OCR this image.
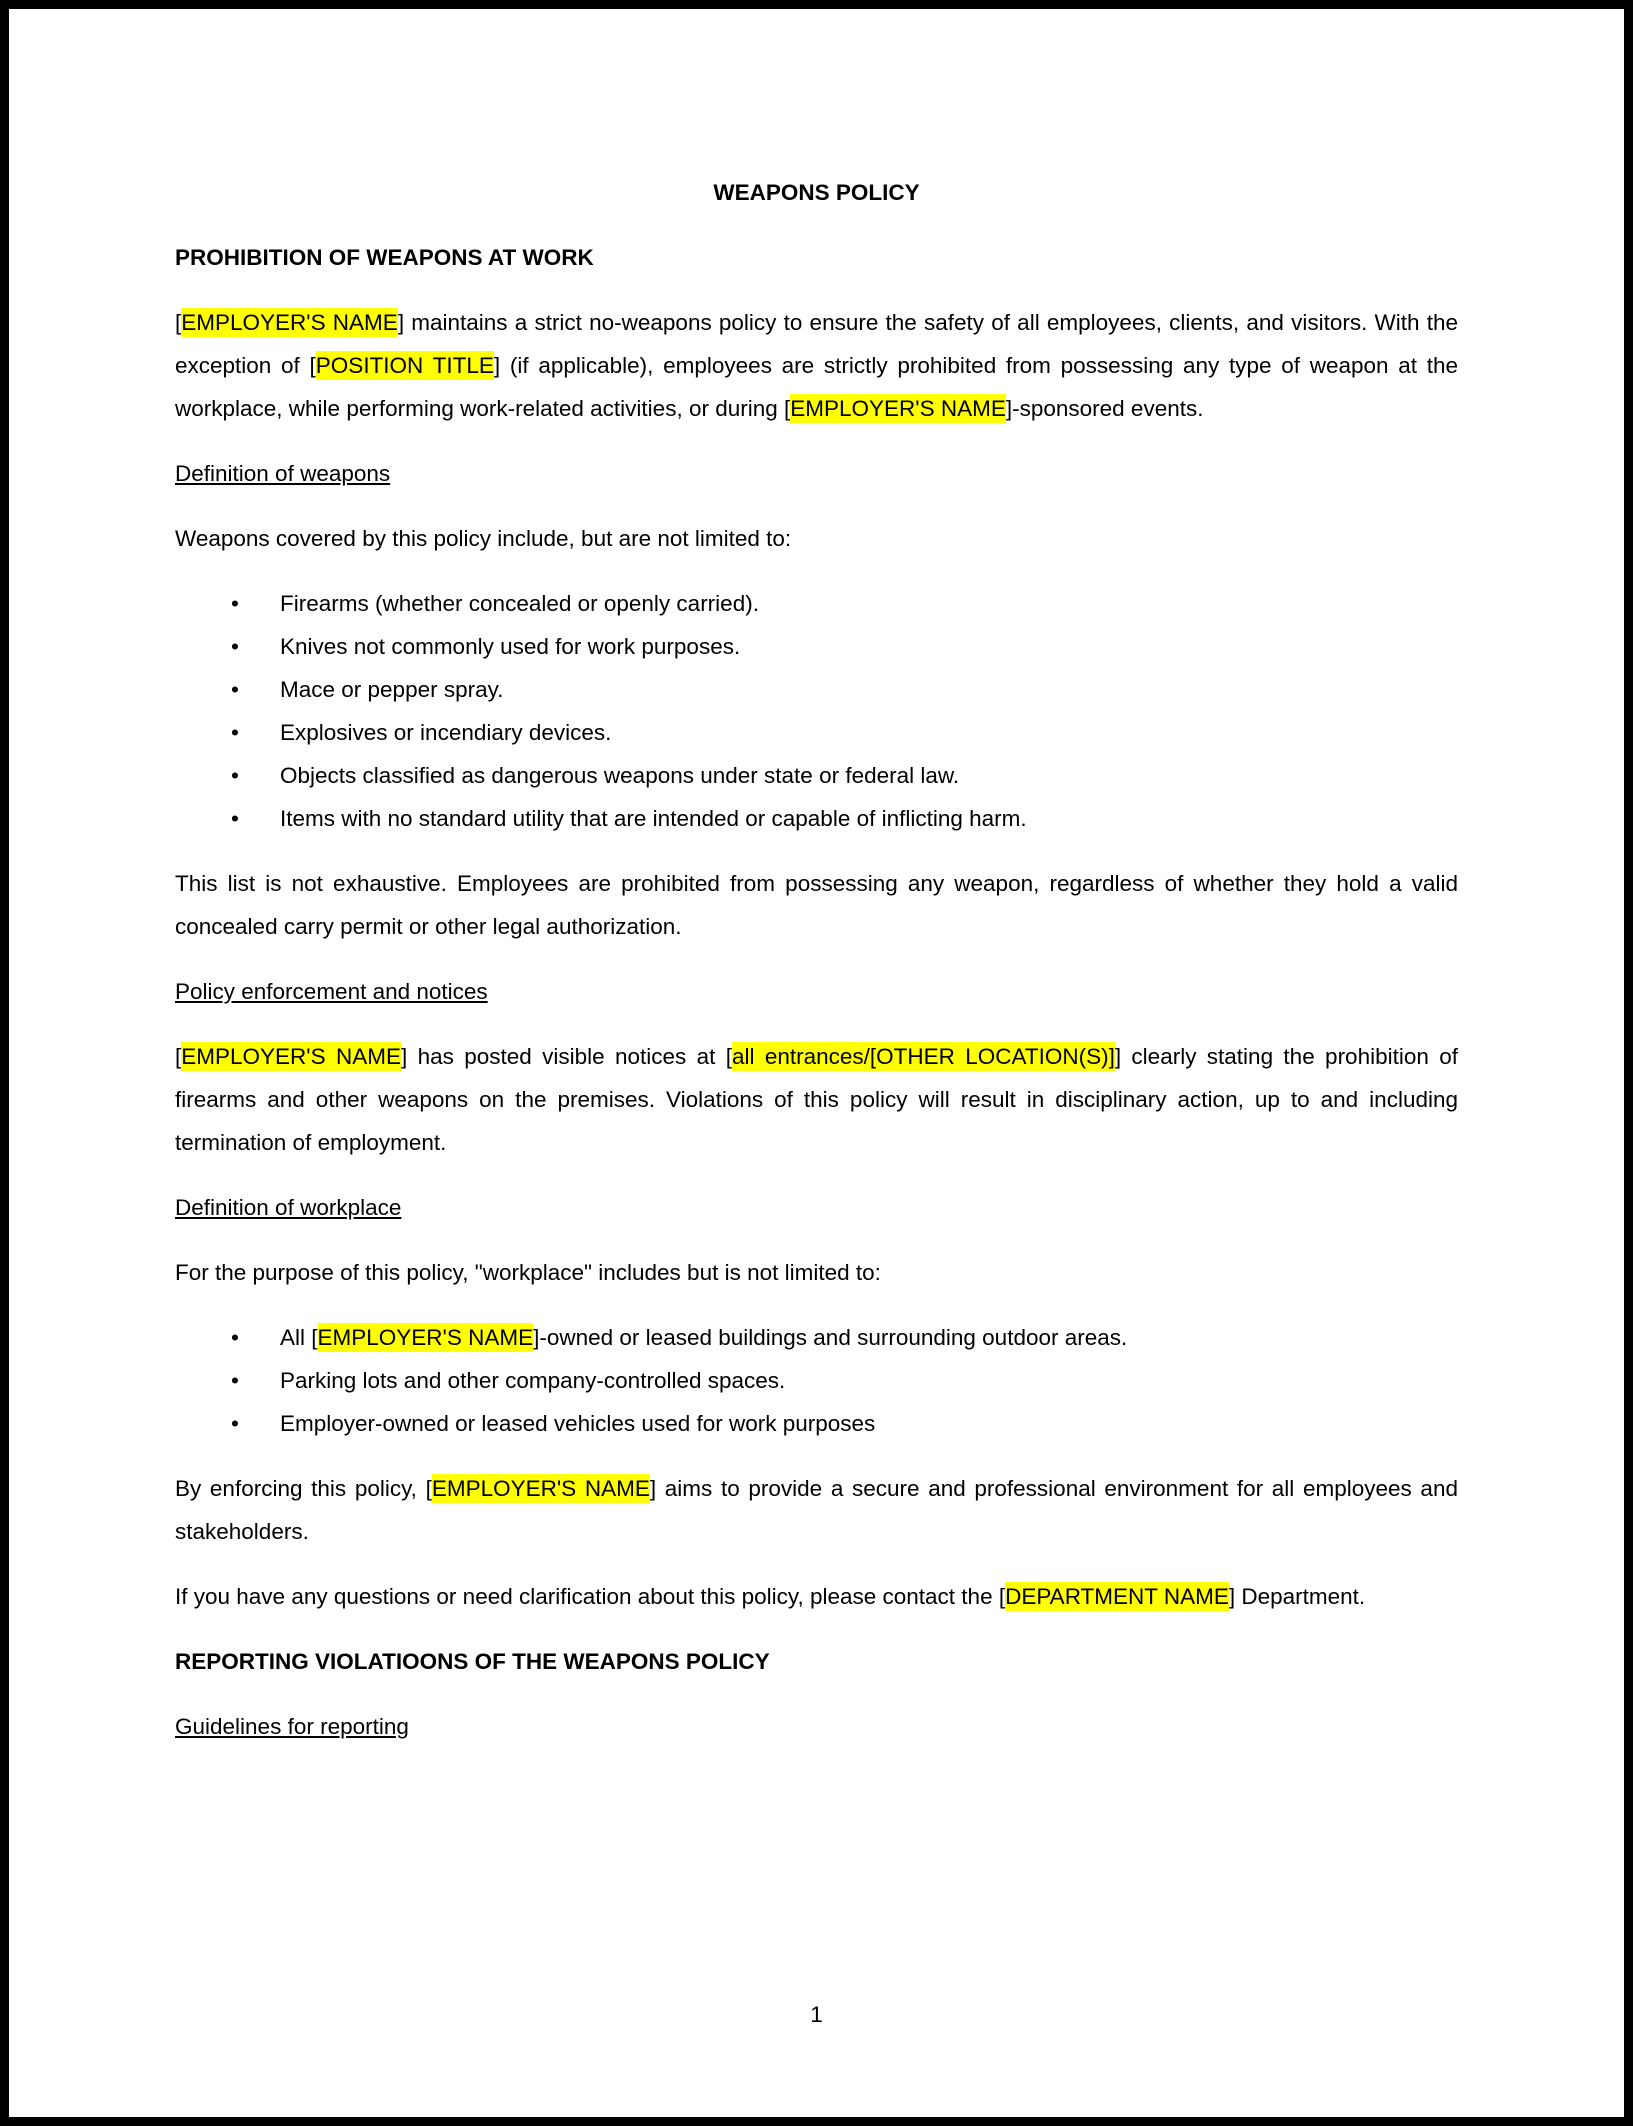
WEAPONS POLICY
PROHIBITION OF WEAPONS AT WORK

[EMPLOYER'S NAME] maintains a strict no-weapons policy to ensure the safety of all employees, clients, and visitors. With the exception of [POSITION TITLE] (if applicable), employees are strictly prohibited from possessing any type of weapon at the workplace, while performing work-related activities, or during [EMPLOYER'S NAME]-sponsored events.

Definition of weapons

Weapons covered by this policy include, but are not limited to:

• Firearms (whether concealed or openly carried).
• Knives not commonly used for work purposes.
• Mace or pepper spray.
• Explosives or incendiary devices.
• Objects classified as dangerous weapons under state or federal law.
• Items with no standard utility that are intended or capable of inflicting harm.

This list is not exhaustive. Employees are prohibited from possessing any weapon, regardless of whether they hold a valid concealed carry permit or other legal authorization.

Policy enforcement and notices

[EMPLOYER'S NAME] has posted visible notices at [all entrances/[OTHER LOCATION(S)]] clearly stating the prohibition of firearms and other weapons on the premises. Violations of this policy will result in disciplinary action, up to and including termination of employment.

Definition of workplace

For the purpose of this policy, "workplace" includes but is not limited to:

• All [EMPLOYER'S NAME]-owned or leased buildings and surrounding outdoor areas.
• Parking lots and other company-controlled spaces.
• Employer-owned or leased vehicles used for work purposes

By enforcing this policy, [EMPLOYER'S NAME] aims to provide a secure and professional environment for all employees and stakeholders.

If you have any questions or need clarification about this policy, please contact the [DEPARTMENT NAME] Department.

REPORTING VIOLATIOONS OF THE WEAPONS POLICY
Guidelines for reporting
1
